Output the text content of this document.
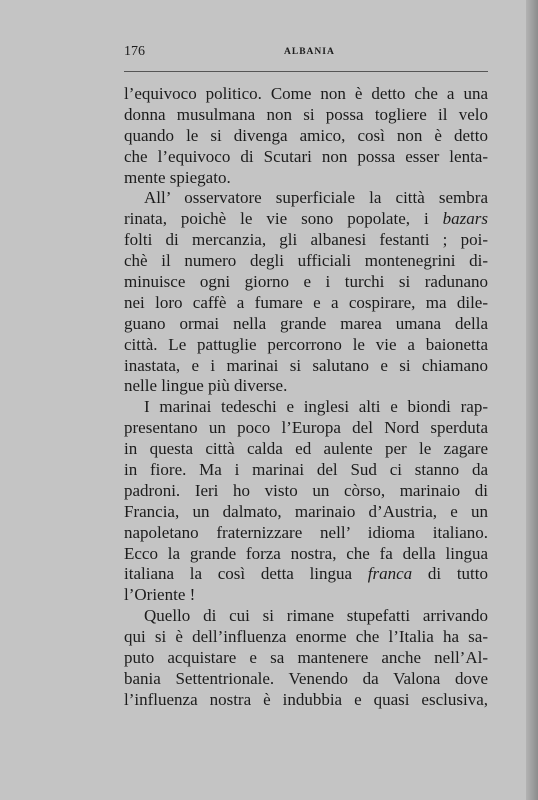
176	ALBANIA
l’equivoco politico. Come non è detto che a una
donna musulmana non si possa togliere il velo
quando le si divenga amico, così non è detto
che l’equivoco di Scutari non possa esser lenta-
mente spiegato.
All’ osservatore superficiale la città sembra
rinata, poichè le vie sono popolate, i bazars
folti di mercanzia, gli albanesi festanti ; poi-
chè il numero degli ufficiali montenegrini di-
minuisce ogni giorno e i turchi si radunano
nei loro caffè a fumare e a cospirare, ma dile-
guano ormai nella grande marea umana della
città. Le pattuglie percorrono le vie a baionetta
inastata, e i marinai si salutano e si chiamano
nelle lingue più diverse.
I marinai tedeschi e inglesi alti e biondi rap-
presentano un poco l’Europa del Nord sperduta
in questa città calda ed aulente per le zagare
in fiore. Ma i marinai del Sud ci stanno da
padroni. Ieri ho visto un còrso, marinaio di
Francia, un dalmato, marinaio d’Austria, e un
napoletano fraternizzare nell’ idioma italiano.
Ecco la grande forza nostra, che fa della lingua
italiana la così detta lingua franca di tutto
l’Oriente !
Quello di cui si rimane stupefatti arrivando
qui si è dell’influenza enorme che l’Italia ha sa-
puto acquistare e sa mantenere anche nell’Al-
bania Settentrionale. Venendo da Valona dove
l’influenza nostra è indubbia e quasi esclusiva,
